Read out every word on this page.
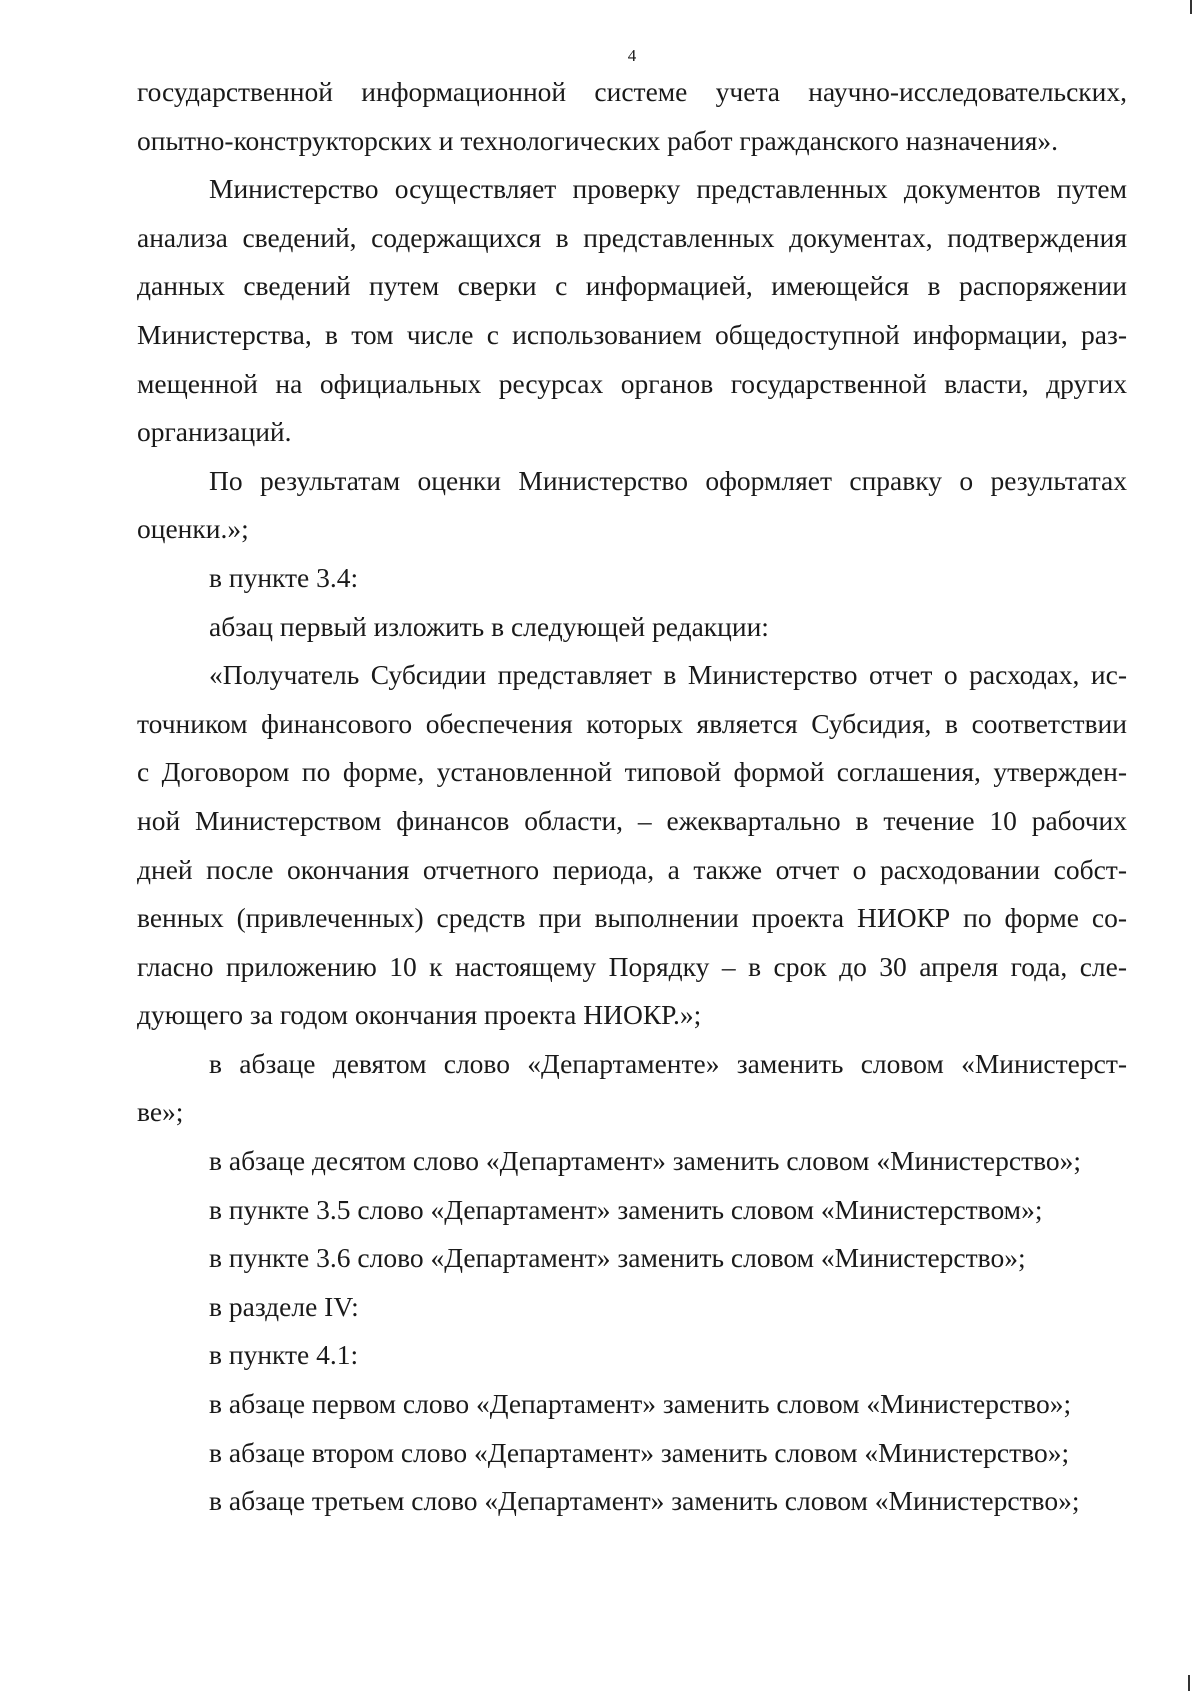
4

государственной информационной системе учета научно-исследовательских,

опытно-конструкторских и технологических работ гражданского назначения».

Министерство осуществляет проверку представленных документов путем

анализа сведений, содержащихся в представленных документах, подтверждения

данных сведений путем сверки с информацией, имеющейся в распоряжении

Министерства, в том числе с использованием общедоступной информации, раз-

мещенной на официальных ресурсах органов государственной власти, других

организаций.

По результатам оценки Министерство оформляет справку о результатах

оценки.»;

в пункте 3.4:

абзац первый изложить в следующей редакции:

«Получатель Субсидии представляет в Министерство отчет о расходах, ис-

точником финансового обеспечения которых является Субсидия, в соответствии

с Договором по форме, установленной типовой формой соглашения, утвержден-

ной Министерством финансов области, – ежеквартально в течение 10 рабочих

дней после окончания отчетного периода, а также отчет о расходовании собст-

венных (привлеченных) средств при выполнении проекта НИОКР по форме со-

гласно приложению 10 к настоящему Порядку – в срок до 30 апреля года, сле-

дующего за годом окончания проекта НИОКР.»;

в абзаце девятом слово «Департаменте» заменить словом «Министерст-

ве»;

в абзаце десятом слово «Департамент» заменить словом «Министерство»;

в пункте 3.5 слово «Департамент» заменить словом «Министерством»;

в пункте 3.6 слово «Департамент» заменить словом «Министерство»;

в разделе IV:

в пункте 4.1:

в абзаце первом слово «Департамент» заменить словом «Министерство»;

в абзаце втором слово «Департамент» заменить словом «Министерство»;

в абзаце третьем слово «Департамент» заменить словом «Министерство»;
